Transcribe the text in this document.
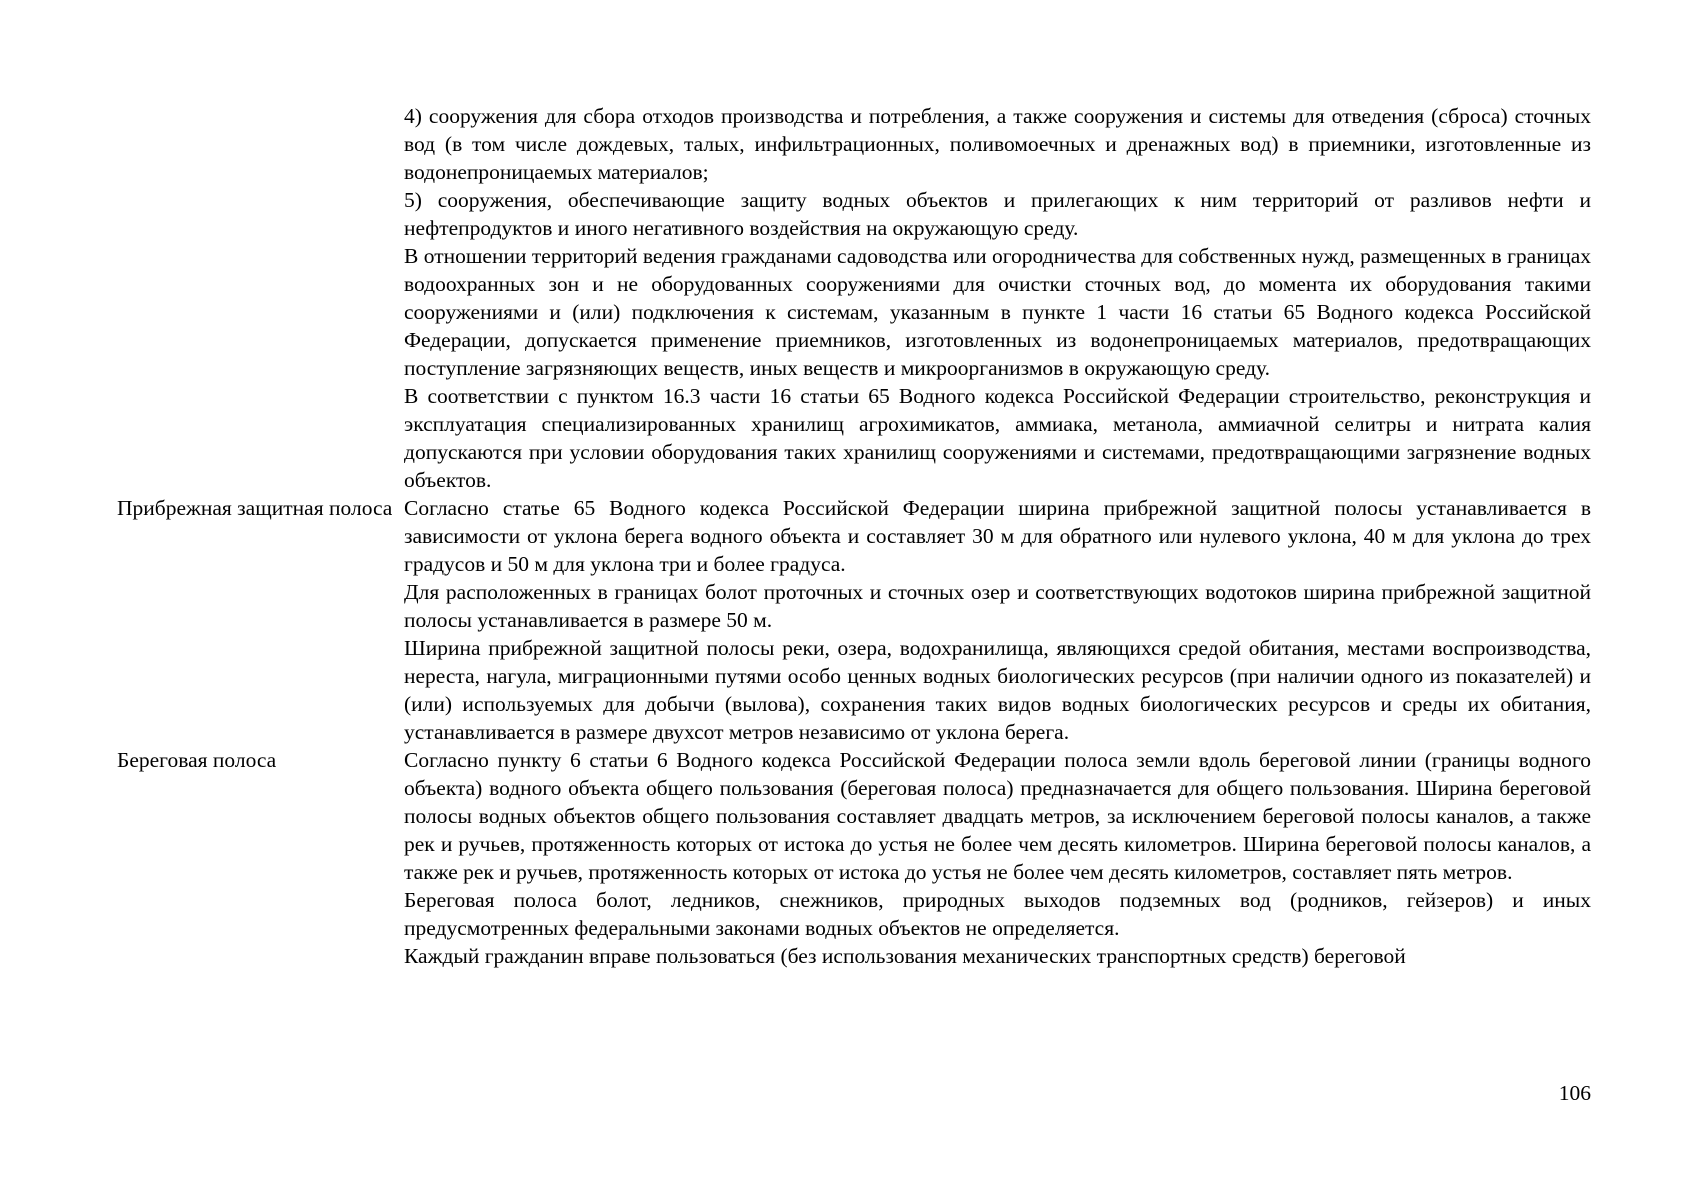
4) сооружения для сбора отходов производства и потребления, а также сооружения и системы для отведения (сброса) сточных вод (в том числе дождевых, талых, инфильтрационных, поливомоечных и дренажных вод) в приемники, изготовленные из водонепроницаемых материалов;

5) сооружения, обеспечивающие защиту водных объектов и прилегающих к ним территорий от разливов нефти и нефтепродуктов и иного негативного воздействия на окружающую среду.

В отношении территорий ведения гражданами садоводства или огородничества для собственных нужд, размещенных в границах водоохранных зон и не оборудованных сооружениями для очистки сточных вод, до момента их оборудования такими сооружениями и (или) подключения к системам, указанным в пункте 1 части 16 статьи 65 Водного кодекса Российской Федерации, допускается применение приемников, изготовленных из водонепроницаемых материалов, предотвращающих поступление загрязняющих веществ, иных веществ и микроорганизмов в окружающую среду.

В соответствии с пунктом 16.3 части 16 статьи 65 Водного кодекса Российской Федерации строительство, реконструкция и эксплуатация специализированных хранилищ агрохимикатов, аммиака, метанола, аммиачной селитры и нитрата калия допускаются при условии оборудования таких хранилищ сооружениями и системами, предотвращающими загрязнение водных объектов.

Прибрежная защитная полоса Согласно статье 65 Водного кодекса Российской Федерации ширина прибрежной защитной полосы устанавливается в зависимости от уклона берега водного объекта и составляет 30 м для обратного или нулевого уклона, 40 м для уклона до трех градусов и 50 м для уклона три и более градуса.

Для расположенных в границах болот проточных и сточных озер и соответствующих водотоков ширина прибрежной защитной полосы устанавливается в размере 50 м.

Ширина прибрежной защитной полосы реки, озера, водохранилища, являющихся средой обитания, местами воспроизводства, нереста, нагула, миграционными путями особо ценных водных биологических ресурсов (при наличии одного из показателей) и (или) используемых для добычи (вылова), сохранения таких видов водных биологических ресурсов и среды их обитания, устанавливается в размере двухсот метров независимо от уклона берега.

Береговая полоса	Согласно пункту 6 статьи 6 Водного кодекса Российской Федерации полоса земли вдоль береговой линии (границы водного объекта) водного объекта общего пользования (береговая полоса) предназначается для общего пользования. Ширина береговой полосы водных объектов общего пользования составляет двадцать метров, за исключением береговой полосы каналов, а также рек и ручьев, протяженность которых от истока до устья не более чем десять километров. Ширина береговой полосы каналов, а также рек и ручьев, протяженность которых от истока до устья не более чем десять километров, составляет пять метров.

Береговая полоса болот, ледников, снежников, природных выходов подземных вод (родников, гейзеров) и иных предусмотренных федеральными законами водных объектов не определяется.

Каждый гражданин вправе пользоваться (без использования механических транспортных средств) береговой

106
